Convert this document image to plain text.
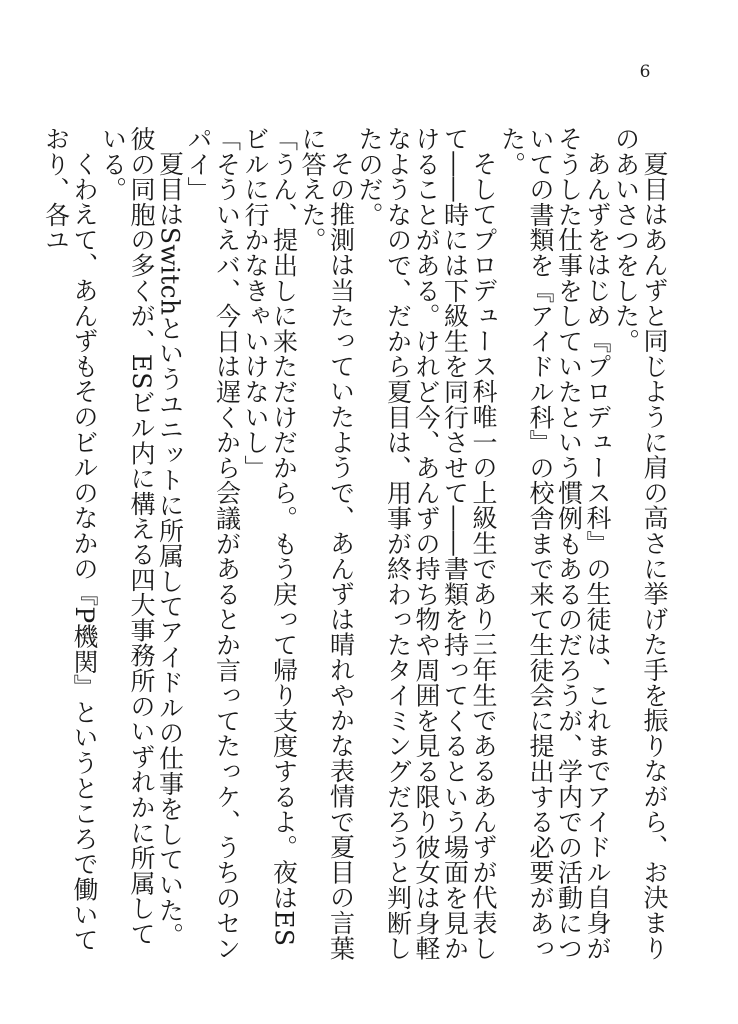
6

夏目はあんずと同じように肩の高さに挙げた手を振りながら、お決まりのあいさつをした。

あんずをはじめ『プロデュース科』の生徒は、これまでアイドル自身がそうした仕事をしていたという慣例もあるのだろうが、学内での活動についての書類を『アイドル科』の校舎まで来て生徒会に提出する必要があった。

そしてプロデュース科唯一の上級生であり三年生であるあんずが代表して――時には下級生を同行させて――書類を持ってくるという場面を見かけることがある。けれど今、あんずの持ち物や周囲を見る限り彼女は身軽なようなので、だから夏目は、用事が終わったタイミングだろうと判断したのだ。

その推測は当たっていたようで、あんずは晴れやかな表情で夏目の言葉に答えた。

「うん、提出しに来ただけだから。もう戻って帰り支度するよ。夜はESビルに行かなきゃいけないし」

「そういえバ、今日は遅くから会議があるとか言ってたっケ、うちのセンパイ」

夏目はSwitchというユニットに所属してアイドルの仕事をしていた。彼の同胞の多くが、ESビル内に構える四大事務所のいずれかに所属している。

くわえて、あんずもそのビルのなかの『P機関』というところで働いており、各ユ
